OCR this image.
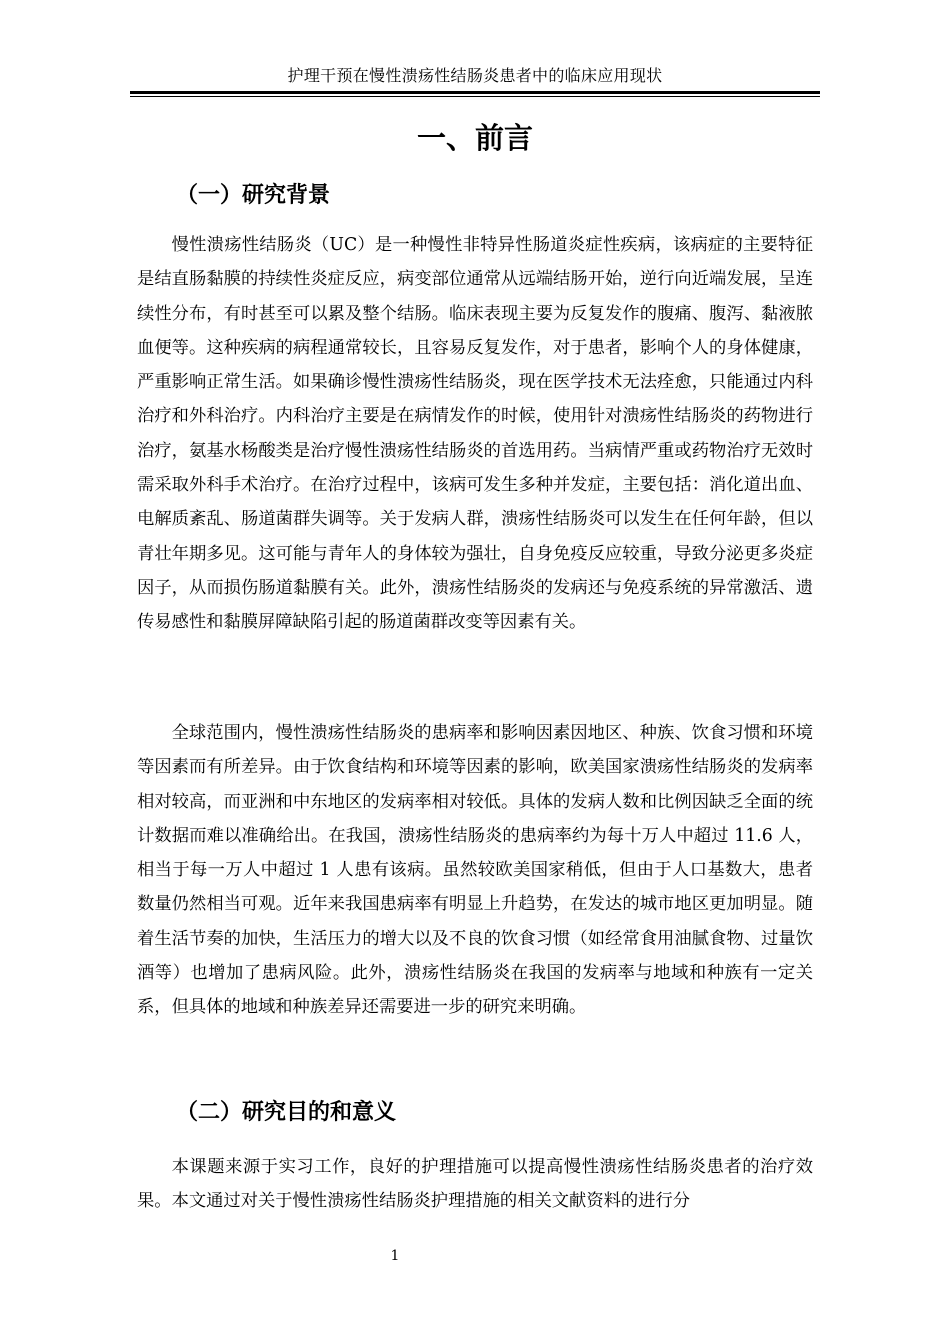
护理干预在慢性溃疡性结肠炎患者中的临床应用现状
一、前言
（一）研究背景

慢性溃疡性结肠炎（UC）是一种慢性非特异性肠道炎症性疾病，该病症的主要特征是结直肠黏膜的持续性炎症反应，病变部位通常从远端结肠开始，逆行向近端发展，呈连续性分布，有时甚至可以累及整个结肠。临床表现主要为反复发作的腹痛、腹泻、黏液脓血便等。这种疾病的病程通常较长，且容易反复发作，对于患者，影响个人的身体健康，严重影响正常生活。如果确诊慢性溃疡性结肠炎，现在医学技术无法痊愈，只能通过内科治疗和外科治疗。内科治疗主要是在病情发作的时候，使用针对溃疡性结肠炎的药物进行治疗，氨基水杨酸类是治疗慢性溃疡性结肠炎的首选用药。当病情严重或药物治疗无效时需采取外科手术治疗。在治疗过程中，该病可发生多种并发症，主要包括：消化道出血、电解质紊乱、肠道菌群失调等。关于发病人群，溃疡性结肠炎可以发生在任何年龄，但以青壮年期多见。这可能与青年人的身体较为强壮，自身免疫反应较重，导致分泌更多炎症因子，从而损伤肠道黏膜有关。此外，溃疡性结肠炎的发病还与免疫系统的异常激活、遗传易感性和黏膜屏障缺陷引起的肠道菌群改变等因素有关。

全球范围内，慢性溃疡性结肠炎的患病率和影响因素因地区、种族、饮食习惯和环境等因素而有所差异。由于饮食结构和环境等因素的影响，欧美国家溃疡性结肠炎的发病率相对较高，而亚洲和中东地区的发病率相对较低。具体的发病人数和比例因缺乏全面的统计数据而难以准确给出。在我国，溃疡性结肠炎的患病率约为每十万人中超过 11.6 人，相当于每一万人中超过 1 人患有该病。虽然较欧美国家稍低，但由于人口基数大，患者数量仍然相当可观。近年来我国患病率有明显上升趋势，在发达的城市地区更加明显。随着生活节奏的加快，生活压力的增大以及不良的饮食习惯（如经常食用油腻食物、过量饮酒等）也增加了患病风险。此外，溃疡性结肠炎在我国的发病率与地域和种族有一定关系，但具体的地域和种族差异还需要进一步的研究来明确。

（二）研究目的和意义

本课题来源于实习工作，良好的护理措施可以提高慢性溃疡性结肠炎患者的治疗效果。本文通过对关于慢性溃疡性结肠炎护理措施的相关文献资料的进行分

1
